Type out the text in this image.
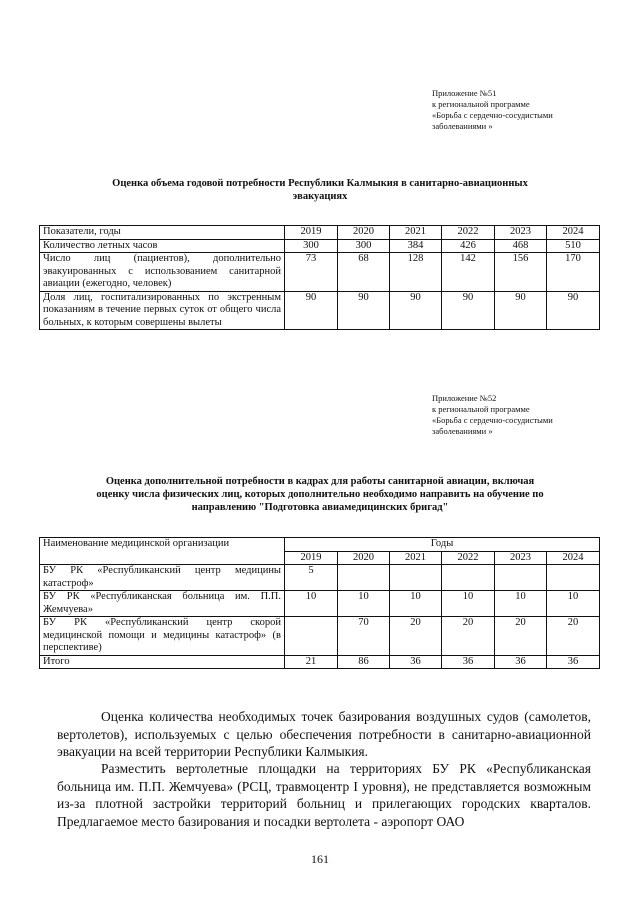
Приложение №51
к региональной программе
«Борьба с сердечно-сосудистыми
заболеваниями »
Оценка объема годовой потребности Республики Калмыкия в санитарно-авиационных
эвакуациях
Показатели, годы	2019	2020	2021	2022	2023	2024
Количество летных часов	300	300	384	426	468	510
Число лиц (пациентов), дополнительно эвакуированных с использованием санитарной авиации (ежегодно, человек)	73	68	128	142	156	170
Доля лиц, госпитализированных по экстренным показаниям в течение первых суток от общего числа больных, к которым совершены вылеты	90	90	90	90	90	90
Приложение №52
к региональной программе
«Борьба с сердечно-сосудистыми
заболеваниями »
Оценка дополнительной потребности в кадрах для работы санитарной авиации, включая
оценку числа физических лиц, которых дополнительно необходимо направить на обучение по
направлению "Подготовка авиамедицинских бригад"
Наименование медицинской организации	Годы					
	2019	2020	2021	2022	2023	2024
БУ РК «Республиканский центр медицины катастроф»	5					
БУ РК «Республиканская больница им. П.П. Жемчуева»	10	10	10	10	10	10
БУ РК «Республиканский центр скорой медицинской помощи и медицины катастроф» (в перспективе)		70	20	20	20	20
Итого	21	86	36	36	36	36

Оценка количества необходимых точек базирования воздушных судов (самолетов, вертолетов), используемых с целью обеспечения потребности в санитарно-авиационной эвакуации на всей территории Республики Калмыкия.

Разместить вертолетные площадки на территориях БУ РК «Республиканская больница им. П.П. Жемчуева» (РСЦ, травмоцентр I уровня), не представляется возможным из-за плотной застройки территорий больниц и прилегающих городских кварталов. Предлагаемое место базирования и посадки вертолета - аэропорт ОАО

161
